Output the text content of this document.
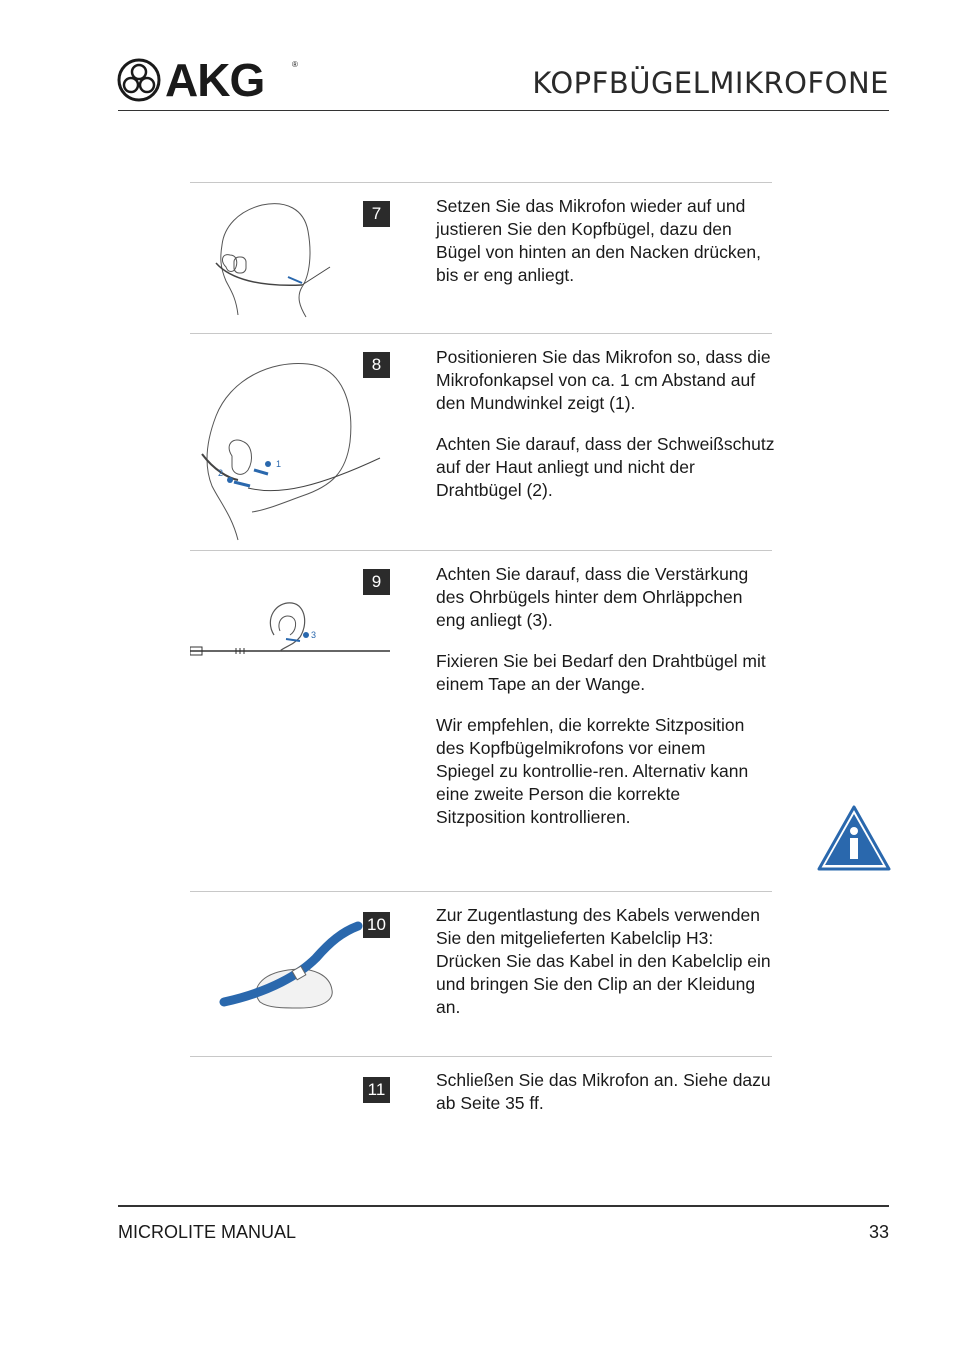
AKG	®
KOPFBÜGELMIKROFONE
7	Setzen Sie das Mikrofon wieder auf und justieren Sie den Kopfbügel, dazu den Bügel von hinten an den Nacken drücken, bis er eng anliegt.

1
2
8	Positionieren Sie das Mikrofon so, dass die Mikrofonkapsel von ca. 1 cm Abstand auf den Mundwinkel zeigt (1).

Achten Sie darauf, dass der Schweißschutz auf der Haut anliegt und nicht der Drahtbügel (2).

3
9	Achten Sie darauf, dass die Verstärkung des Ohrbügels hinter dem Ohrläppchen eng anliegt (3).

Fixieren Sie bei Bedarf den Drahtbügel mit einem Tape an der Wange.

Wir empfehlen, die korrekte Sitzposition des Kopfbügelmikrofons vor einem Spiegel zu kontrollie-ren. Alternativ kann eine zweite Person die korrekte Sitzposition kontrollieren.

10	Zur Zugentlastung des Kabels verwenden Sie den mitgelieferten Kabelclip H3: Drücken Sie das Kabel in den Kabelclip ein und bringen Sie den Clip an der Kleidung an.

11	Schließen Sie das Mikrofon an. Siehe dazu ab Seite 35 ff.

MICROLITE MANUAL	33
